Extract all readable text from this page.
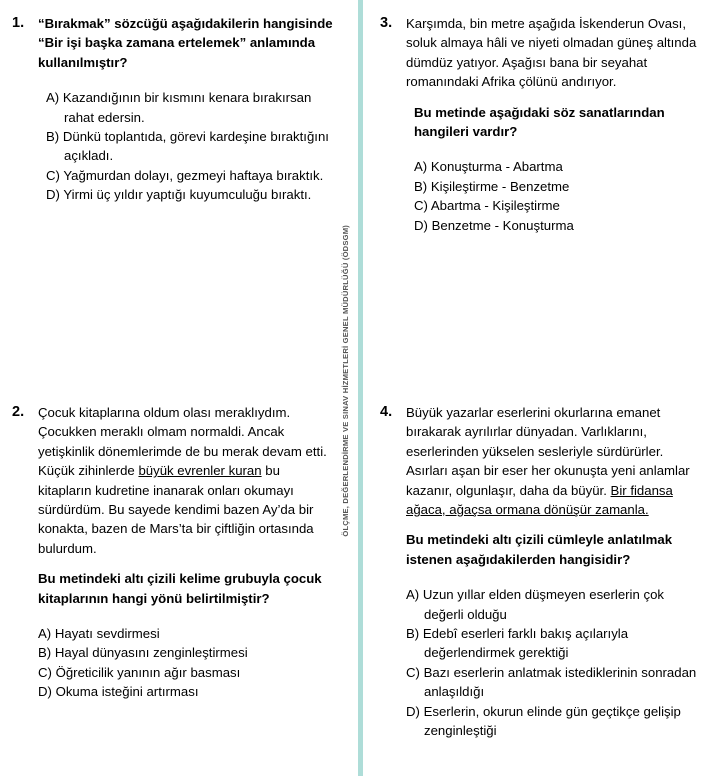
ÖLÇME, DEĞERLENDİRME VE SINAV HİZMETLERİ GENEL MÜDÜRLÜĞÜ (ÖDSGM)
1. “Bırakmak” sözcüğü aşağıdakilerin hangisinde “Bir işi başka zamana ertelemek” anlamında kullanılmıştır?

A) Kazandığının bir kısmını kenara bırakırsan rahat edersin.
B) Dünkü toplantıda, görevi kardeşine bıraktığını açıkladı.
C) Yağmurdan dolayı, gezmeyi haftaya bıraktık.
D) Yirmi üç yıldır yaptığı kuyumculuğu bıraktı.
2. Çocuk kitaplarına oldum olası meraklıydım. Çocukken meraklı olmam normaldi. Ancak yetişkinlik dönemlerimde de bu merak devam etti. Küçük zihinlerde büyük evrenler kuran bu kitapların kudretine inanarak onları okumayı sürdürdüm. Bu sayede kendimi bazen Ay’da bir konakta, bazen de Mars’ta bir çiftliğin ortasında bulurdum.

Bu metindeki altı çizili kelime grubuyla çocuk kitaplarının hangi yönü belirtilmiştir?

A) Hayatı sevdirmesi
B) Hayal dünyasını zenginleştirmesi
C) Öğreticilik yanının ağır basması
D) Okuma isteğini artırması
3. Karşımda, bin metre aşağıda İskenderun Ovası, soluk almaya hâli ve niyeti olmadan güneş altında dümdüz yatıyor. Aşağısı bana bir seyahat romanındaki Afrika çölünü andırıyor.

Bu metinde aşağıdaki söz sanatlarından hangileri vardır?

A) Konuşturma - Abartma
B) Kişileştirme - Benzetme
C) Abartma - Kişileştirme
D) Benzetme - Konuşturma
4. Büyük yazarlar eserlerini okurlarına emanet bırakarak ayrılırlar dünyadan. Varlıklarını, eserlerinden yükselen sesleriyle sürdürürler. Asırları aşan bir eser her okunuşta yeni anlamlar kazanır, olgunlaşır, daha da büyür. Bir fidansa ağaca, ağaçsa ormana dönüşür zamanla.

Bu metindeki altı çizili cümleyle anlatılmak istenen aşağıdakilerden hangisidir?

A) Uzun yıllar elden düşmeyen eserlerin çok değerli olduğu
B) Edebî eserleri farklı bakış açılarıyla değerlendirmek gerektiği
C) Bazı eserlerin anlatmak istediklerinin sonradan anlaşıldığı
D) Eserlerin, okurun elinde gün geçtikçe gelişip zenginleştiği
